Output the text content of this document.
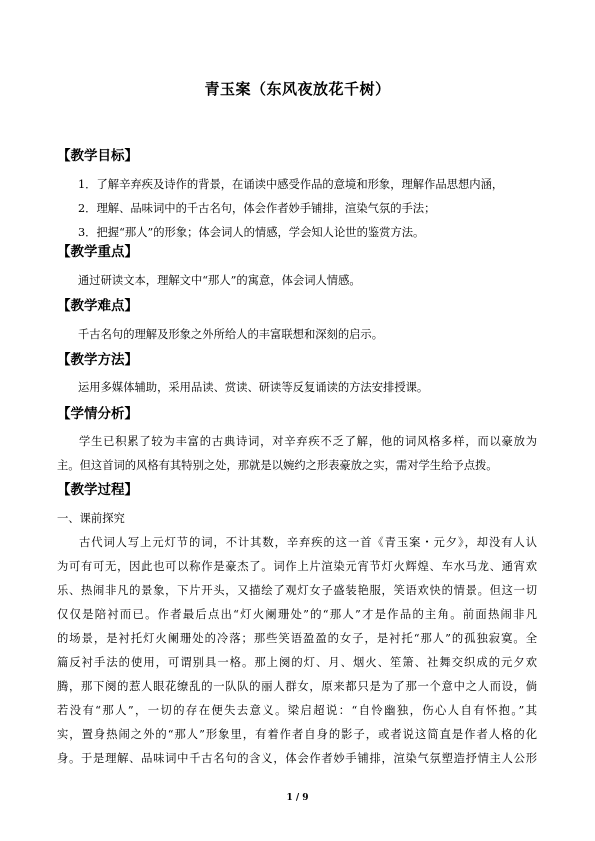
青玉案（东风夜放花千树）
【教学目标】
1．了解辛弃疾及诗作的背景，在诵读中感受作品的意境和形象，理解作品思想内涵，
2．理解、品味词中的千古名句，体会作者妙手铺排，渲染气氛的手法；
3．把握“那人”的形象；体会词人的情感，学会知人论世的鉴赏方法。
【教学重点】
通过研读文本，理解文中“那人”的寓意，体会词人情感。
【教学难点】
千古名句的理解及形象之外所给人的丰富联想和深刻的启示。
【教学方法】
运用多媒体辅助，采用品读、赏读、研读等反复诵读的方法安排授课。
【学情分析】
学生已积累了较为丰富的古典诗词，对辛弃疾不乏了解，他的词风格多样，而以豪放为
主。但这首词的风格有其特别之处，那就是以婉约之形表豪放之实，需对学生给予点拨。
【教学过程】
一、课前探究
古代词人写上元灯节的词，不计其数，辛弃疾的这一首《青玉案・元夕》，却没有人认
为可有可无，因此也可以称作是豪杰了。词作上片渲染元宵节灯火辉煌、车水马龙、通宵欢
乐、热闹非凡的景象，下片开头，又描绘了观灯女子盛装艳服，笑语欢快的情景。但这一切
仅仅是陪衬而已。作者最后点出“灯火阑珊处”的“那人”才是作品的主角。前面热闹非凡
的场景，是衬托灯火阑珊处的冷落；那些笑语盈盈的女子，是衬托“那人”的孤独寂寞。全
篇反衬手法的使用，可谓别具一格。那上阕的灯、月、烟火、笙箫、社舞交织成的元夕欢
腾，那下阕的惹人眼花缭乱的一队队的丽人群女，原来都只是为了那一个意中之人而设，倘
若没有“那人”，一切的存在便失去意义。梁启超说：“自怜幽独，伤心人自有怀抱。”其
实，置身热闹之外的“那人”形象里，有着作者自身的影子，或者说这简直是作者人格的化
身。于是理解、品味词中千古名句的含义，体会作者妙手铺排，渲染气氛塑造抒情主人公形
1 / 9
